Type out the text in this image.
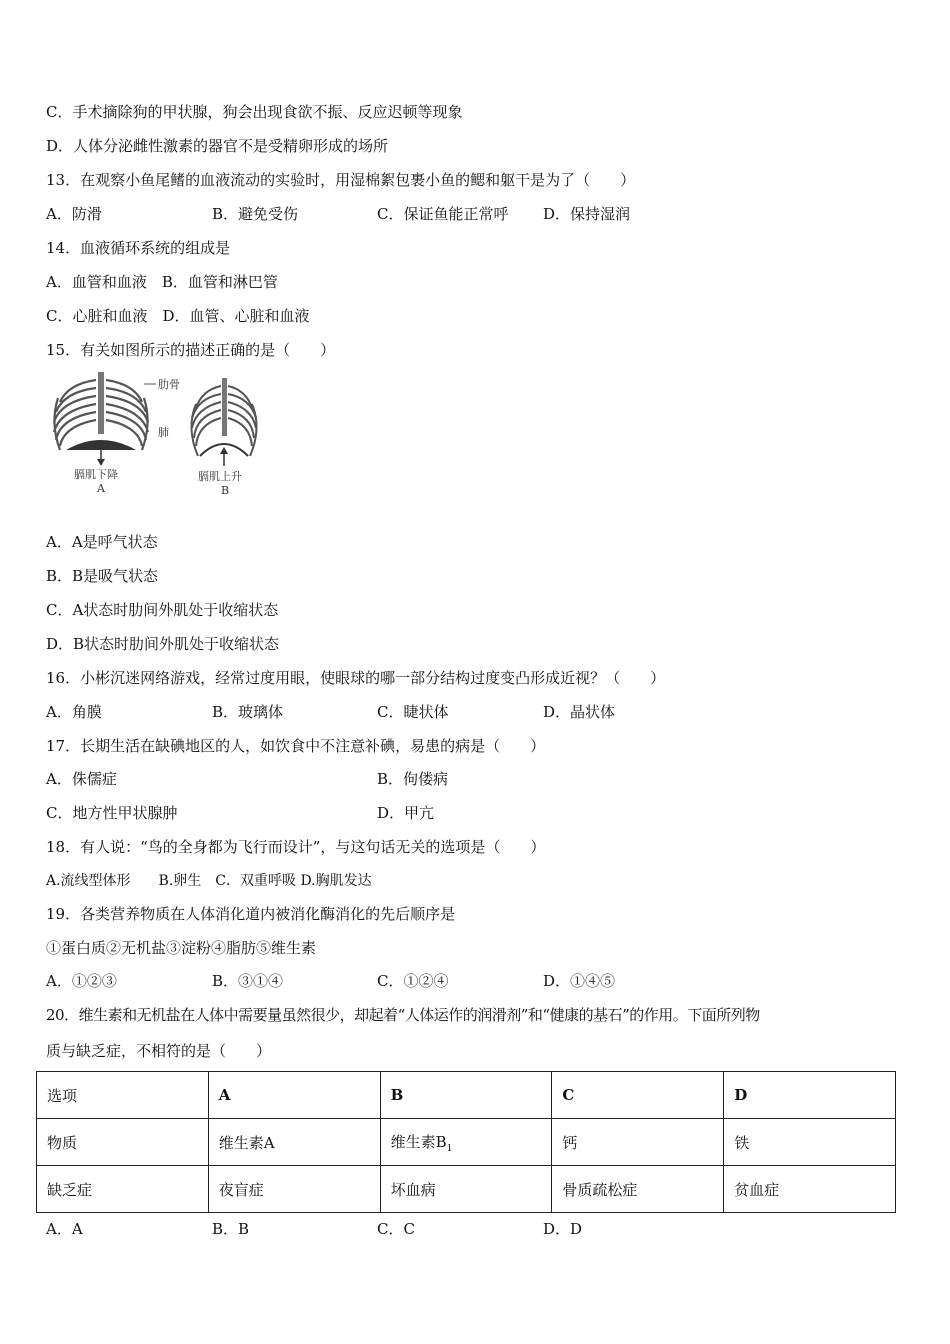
C．手术摘除狗的甲状腺，狗会出现食欲不振、反应迟顿等现象
D．人体分泌雌性激素的器官不是受精卵形成的场所
13．在观察小鱼尾鳍的血液流动的实验时，用湿棉絮包裹小鱼的鳃和躯干是为了（　　）
A．防滑	B．避免受伤	C．保证鱼能正常呼 D．保持湿润
14．血液循环系统的组成是
A．血管和血液　B．血管和淋巴管
C．心脏和血液　D．血管、心脏和血液
15．有关如图所示的描述正确的是（　　）
肋骨
肺
膈肌下降
A
膈肌上升
B
A．A是呼气状态
B．B是吸气状态
C．A状态时肋间外肌处于收缩状态
D．B状态时肋间外肌处于收缩状态
16．小彬沉迷网络游戏，经常过度用眼，使眼球的哪一部分结构过度变凸形成近视？（　　）
A．角膜	B．玻璃体	C．睫状体	D．晶状体
17．长期生活在缺碘地区的人，如饮食中不注意补碘，易患的病是（　　）
A．侏儒症	B．佝偻病
C．地方性甲状腺肿	D．甲亢
18．有人说：“鸟的全身都为飞行而设计”，与这句话无关的选项是（　　）
A.流线型体形　　B.卵生　C．双重呼吸 D.胸肌发达
19．各类营养物质在人体消化道内被消化酶消化的先后顺序是
①蛋白质②无机盐③淀粉④脂肪⑤维生素
A．①②③	B．③①④	C．①②④	D．①④⑤
20．维生素和无机盐在人体中需要量虽然很少，却起着“人体运作的润滑剂”和“健康的基石”的作用。下面所列物
质与缺乏症，不相符的是（　　）
选项	A	B	C	D
物质	维生素A	维生素$B_1$	钙	铁
缺乏症	夜盲症	坏血病	骨质疏松症	贫血症
A．A	B．B	C．C	D．D
